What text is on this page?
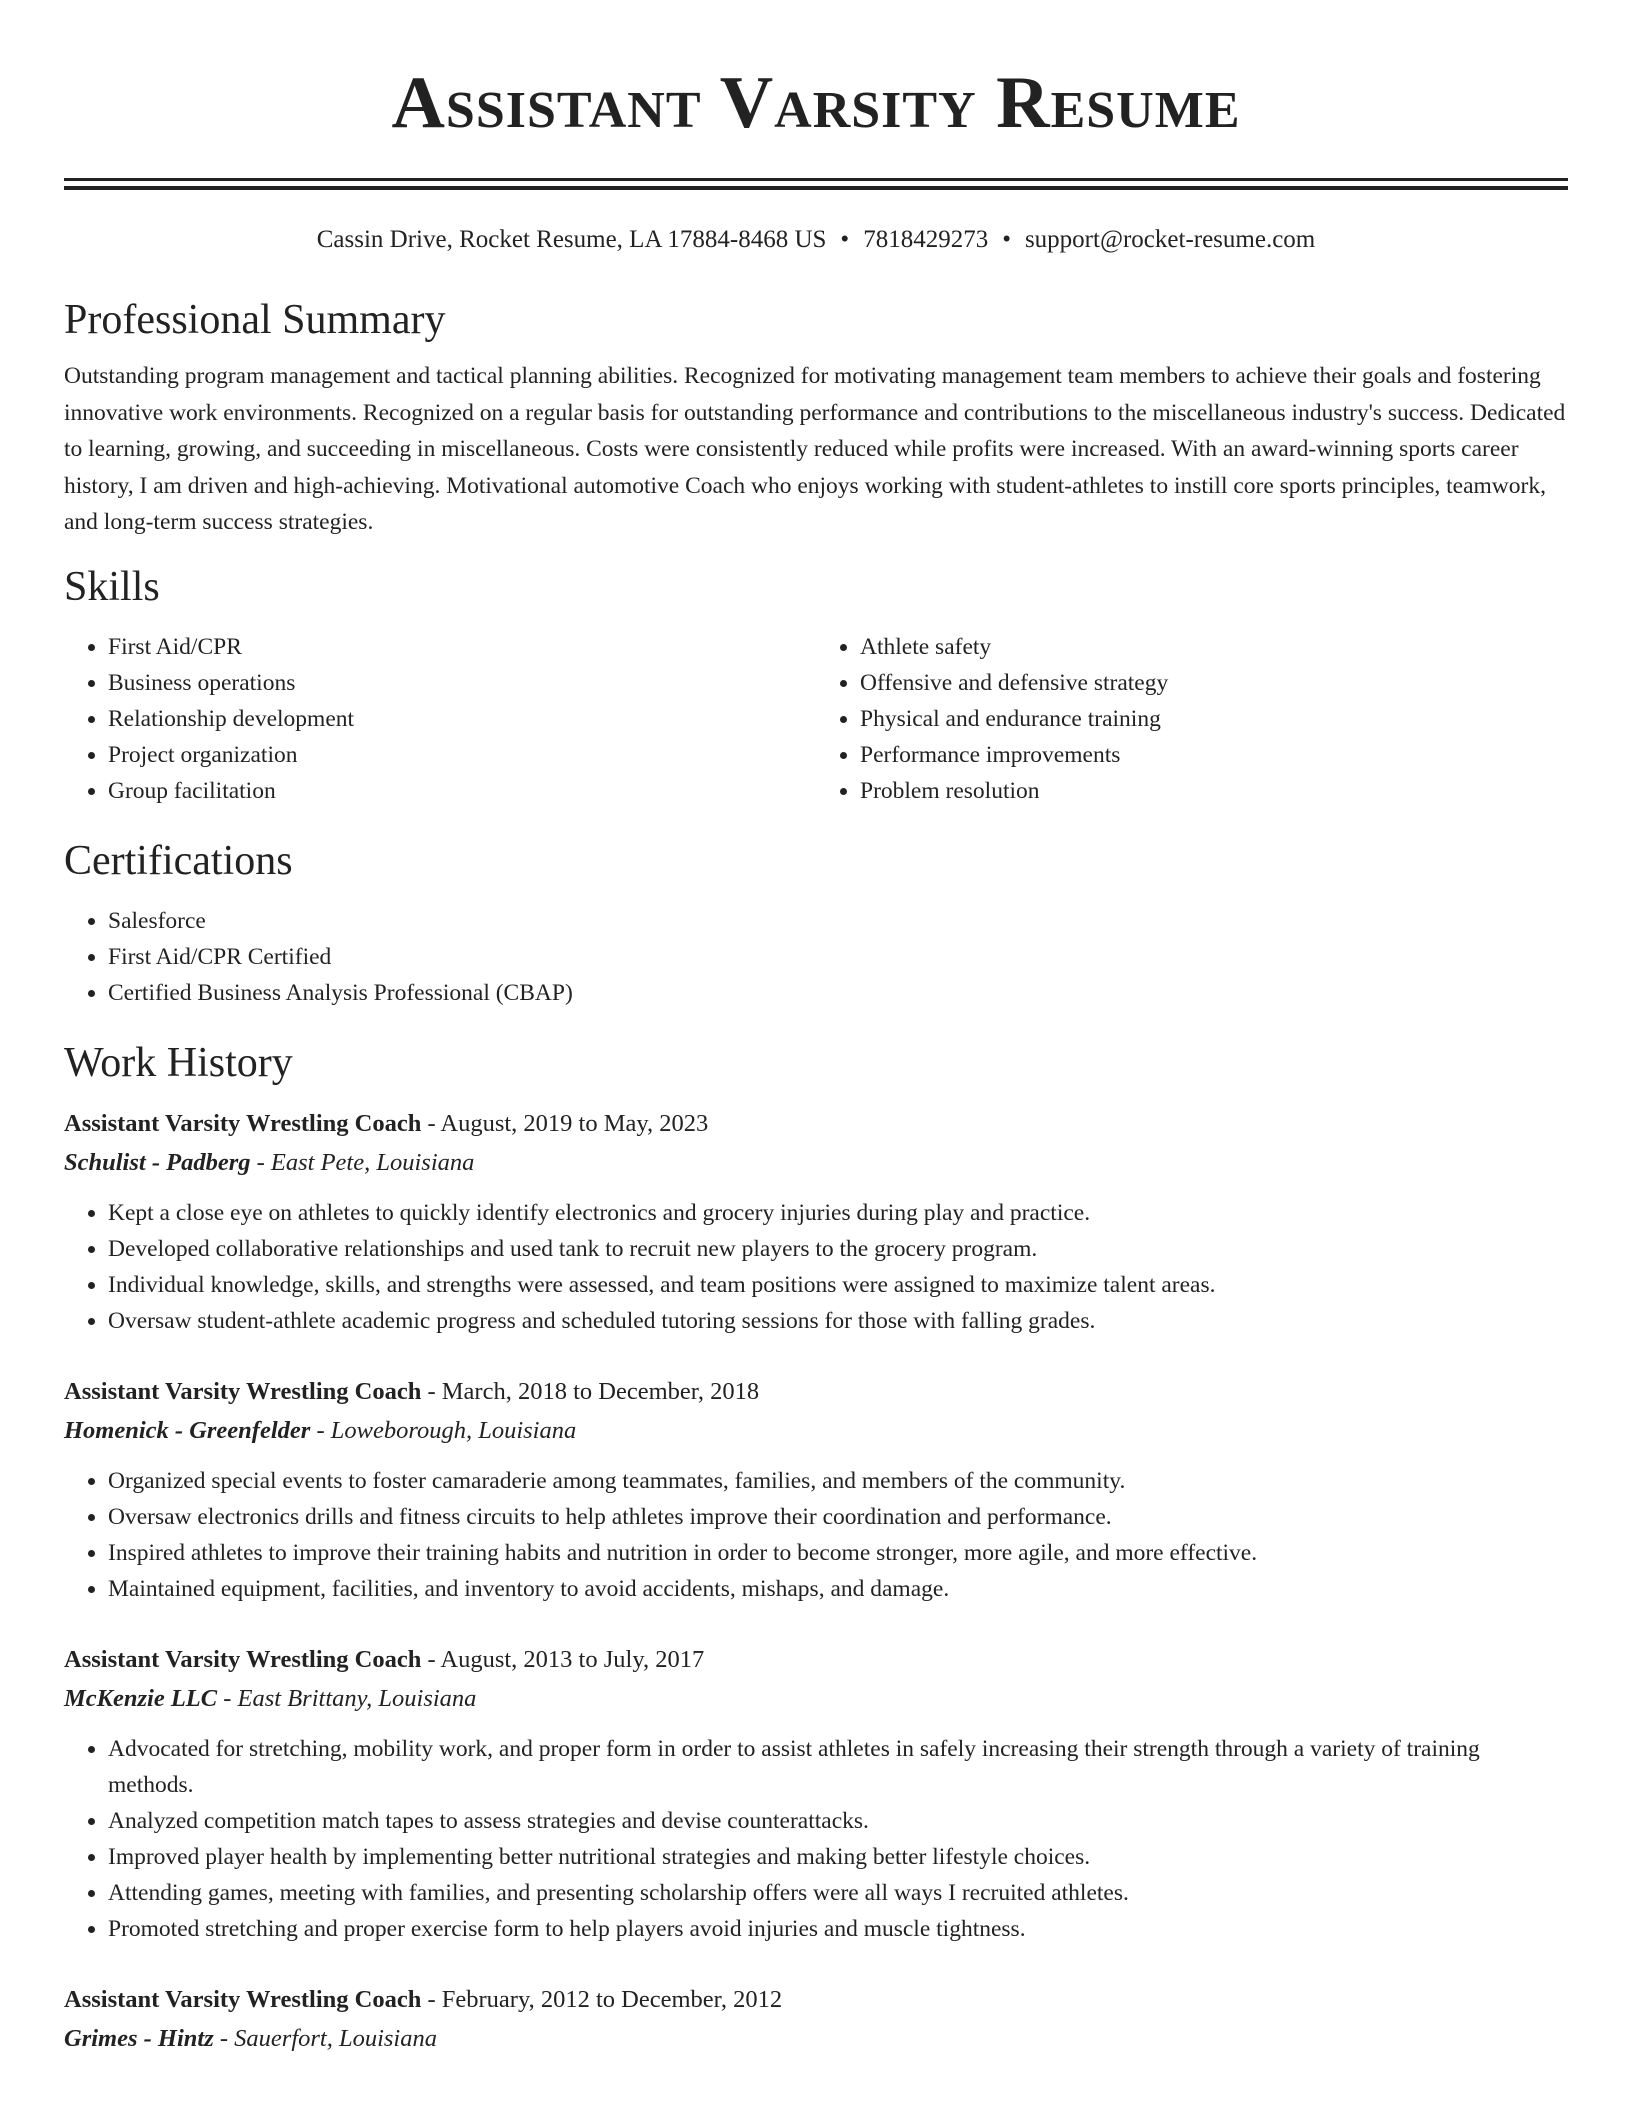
Assistant Varsity Resume
Cassin Drive, Rocket Resume, LA 17884-8468 US • 7818429273 • support@rocket-resume.com
Professional Summary
Outstanding program management and tactical planning abilities. Recognized for motivating management team members to achieve their goals and fostering innovative work environments. Recognized on a regular basis for outstanding performance and contributions to the miscellaneous industry's success. Dedicated to learning, growing, and succeeding in miscellaneous. Costs were consistently reduced while profits were increased. With an award-winning sports career history, I am driven and high-achieving. Motivational automotive Coach who enjoys working with student-athletes to instill core sports principles, teamwork, and long-term success strategies.
Skills
• First Aid/CPR
• Business operations
• Relationship development
• Project organization
• Group facilitation
• Athlete safety
• Offensive and defensive strategy
• Physical and endurance training
• Performance improvements
• Problem resolution
Certifications
• Salesforce
• First Aid/CPR Certified
• Certified Business Analysis Professional (CBAP)
Work History
Assistant Varsity Wrestling Coach - August, 2019 to May, 2023
Schulist - Padberg - East Pete, Louisiana
• Kept a close eye on athletes to quickly identify electronics and grocery injuries during play and practice.
• Developed collaborative relationships and used tank to recruit new players to the grocery program.
• Individual knowledge, skills, and strengths were assessed, and team positions were assigned to maximize talent areas.
• Oversaw student-athlete academic progress and scheduled tutoring sessions for those with falling grades.
Assistant Varsity Wrestling Coach - March, 2018 to December, 2018
Homenick - Greenfelder - Loweborough, Louisiana
• Organized special events to foster camaraderie among teammates, families, and members of the community.
• Oversaw electronics drills and fitness circuits to help athletes improve their coordination and performance.
• Inspired athletes to improve their training habits and nutrition in order to become stronger, more agile, and more effective.
• Maintained equipment, facilities, and inventory to avoid accidents, mishaps, and damage.
Assistant Varsity Wrestling Coach - August, 2013 to July, 2017
McKenzie LLC - East Brittany, Louisiana
• Advocated for stretching, mobility work, and proper form in order to assist athletes in safely increasing their strength through a variety of training methods.
• Analyzed competition match tapes to assess strategies and devise counterattacks.
• Improved player health by implementing better nutritional strategies and making better lifestyle choices.
• Attending games, meeting with families, and presenting scholarship offers were all ways I recruited athletes.
• Promoted stretching and proper exercise form to help players avoid injuries and muscle tightness.
Assistant Varsity Wrestling Coach - February, 2012 to December, 2012
Grimes - Hintz - Sauerfort, Louisiana
